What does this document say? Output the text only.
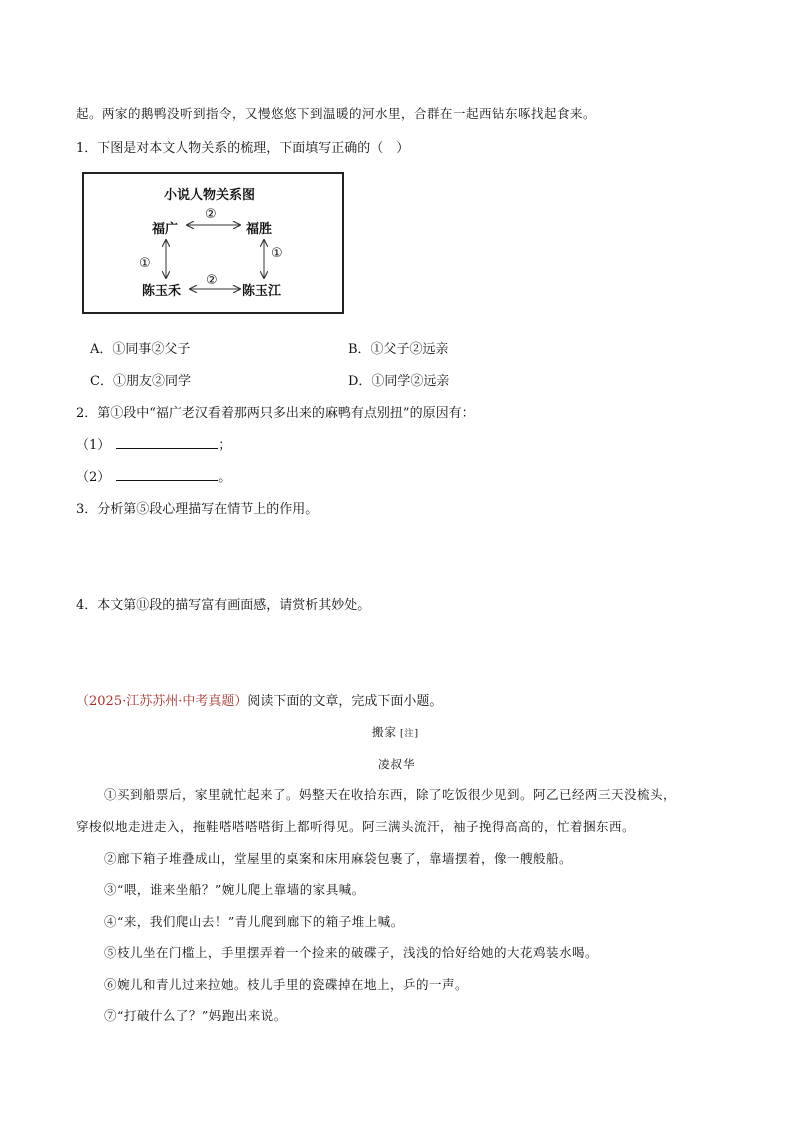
起。两家的鹅鸭没听到指令，又慢悠悠下到温暖的河水里，合群在一起西钻东啄找起食来。
1．下图是对本文人物关系的梳理，下面填写正确的（　）
小说人物关系图
福广	福胜
陈玉禾	陈玉江
②
②
①
①
A．①同事②父子	B．①父子②远亲
C．①朋友②同学	D．①同学②远亲
2．第①段中“福广老汉看着那两只多出来的麻鸭有点别扭”的原因有：
（1）	；
（2）	。
3．分析第⑤段心理描写在情节上的作用。
4．本文第⑪段的描写富有画面感，请赏析其妙处。
（2025·江苏苏州·中考真题）阅读下面的文章，完成下面小题。
搬家 [注]
凌叔华
①买到船票后，家里就忙起来了。妈整天在收拾东西，除了吃饭很少见到。阿乙已经两三天没梳头，
穿梭似地走进走入，拖鞋嗒嗒嗒嗒街上都听得见。阿三满头流汗，袖子挽得高高的，忙着捆东西。
②廊下箱子堆叠成山，堂屋里的桌案和床用麻袋包裹了，靠墙摆着，像一艘般船。
③“喂，谁来坐船？”婉儿爬上靠墙的家具喊。
④“来，我们爬山去！”青儿爬到廊下的箱子堆上喊。
⑤枝儿坐在门槛上，手里摆弄着一个捡来的破碟子，浅浅的恰好给她的大花鸡装水喝。
⑥婉儿和青儿过来拉她。枝儿手里的瓷碟掉在地上，乒的一声。
⑦“打破什么了？”妈跑出来说。
